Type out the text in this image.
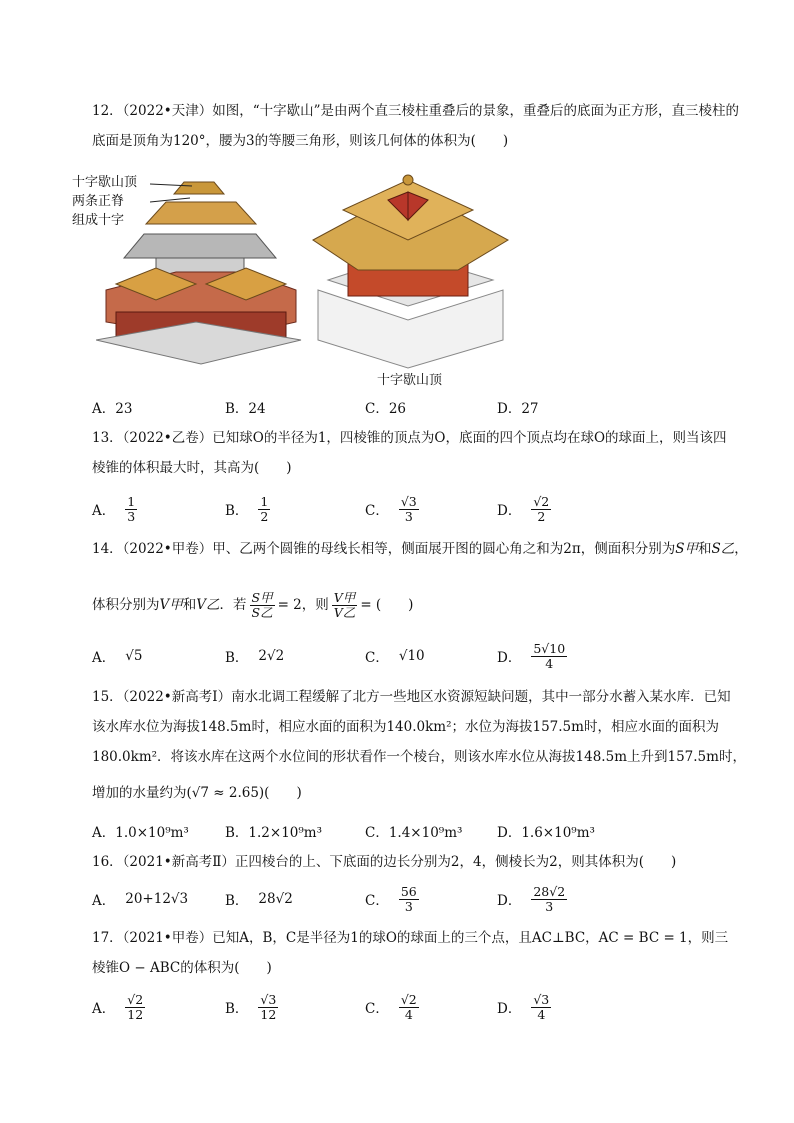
12．（2022•天津）如图，“十字歇山”是由两个直三棱柱重叠后的景象，重叠后的底面为正方形，直三棱柱的
底面是顶角为120°，腰为3的等腰三角形，则该几何体的体积为(　　)
十字歇山顶
两条正脊
组成十字
十字歇山顶
A．23	B．24	C．26	D．27
13．（2022•乙卷）已知球O的半径为1，四棱锥的顶点为O，底面的四个顶点均在球O的球面上，则当该四
棱锥的体积最大时，其高为(　　)
A． $\frac{1}{3}$	B． $\frac{1}{2}$	C． $\frac{√3}{3}$	D． $\frac{√2}{2}$
14．（2022•甲卷）甲、乙两个圆锥的母线长相等，侧面展开图的圆心角之和为2π，侧面积分别为S甲和S乙，
体积分别为 V甲 和 V乙 ．若 $\frac{\text{S甲}}{\text{S乙}} = 2$，则 $\frac{\text{V甲}}{\text{V乙}}$ = (　　)
A． √5	B． 2√2	C． √10	D． $\frac{5√10}{4}$
15．（2022•新高考Ⅰ）南水北调工程缓解了北方一些地区水资源短缺问题，其中一部分水蓄入某水库．已知
该水库水位为海拔148.5m时，相应水面的面积为140.0km²；水位为海拔157.5m时，相应水面的面积为
180.0km²．将该水库在这两个水位间的形状看作一个棱台，则该水库水位从海拔148.5m上升到157.5m时，
增加的水量约为(√7 ≈ 2.65)(　　)
A．1.0×10⁹m³	B．1.2×10⁹m³	C．1.4×10⁹m³	D．1.6×10⁹m³
16．（2021•新高考Ⅱ）正四棱台的上、下底面的边长分别为2，4，侧棱长为2，则其体积为(　　)
A． 20+12√3	B． 28√2	C． $\frac{56}{3}$	D． $\frac{28√2}{3}$
17．（2021•甲卷）已知A，B，C是半径为1的球O的球面上的三个点，且AC⊥BC，AC = BC = 1，则三
棱锥O − ABC的体积为(　　)
A． $\frac{√2}{12}$	B． $\frac{√3}{12}$	C． $\frac{√2}{4}$	D． $\frac{√3}{4}$
